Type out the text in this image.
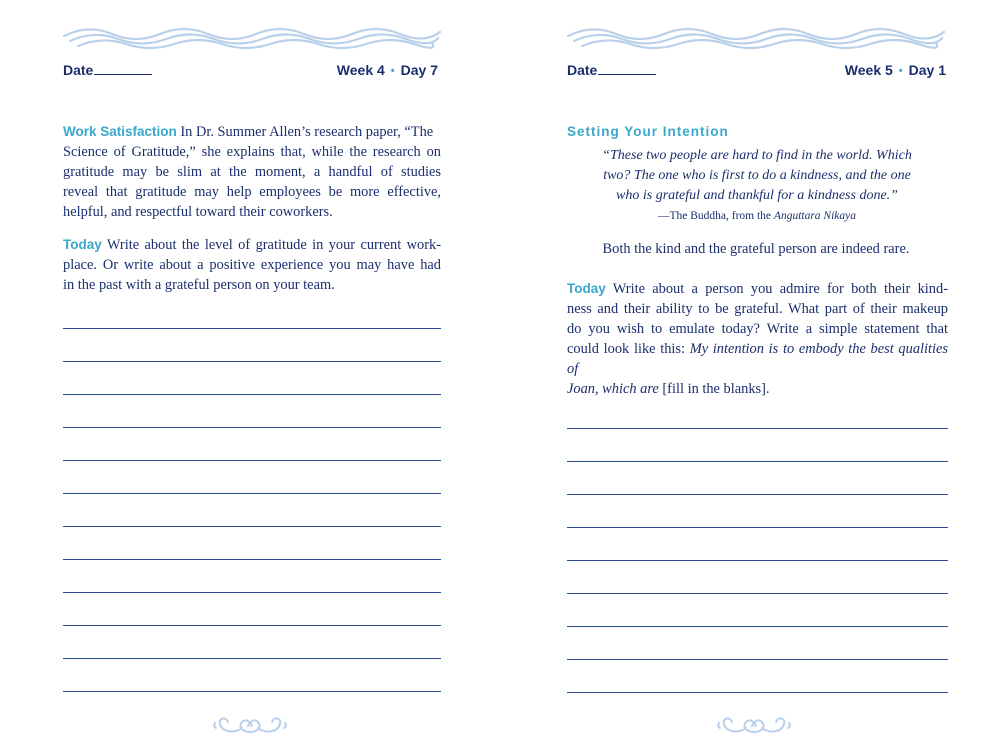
Date	Week 4 • Day 7
Work Satisfaction In Dr. Summer Allen’s research paper, “The
Science of Gratitude,” she explains that, while the research on
gratitude may be slim at the moment, a handful of studies
reveal that gratitude may help employees be more effective,
helpful, and respectful toward their coworkers.
Today Write about the level of gratitude in your current work-
place. Or write about a positive experience you may have had
in the past with a grateful person on your team.
Date	Week 5 • Day 1
Setting Your Intention
“These two people are hard to find in the world. Which
two? The one who is first to do a kindness, and the one
who is grateful and thankful for a kindness done.”
—The Buddha, from the Anguttara Nikaya
Both the kind and the grateful person are indeed rare.
Today Write about a person you admire for both their kind-
ness and their ability to be grateful. What part of their makeup
do you wish to emulate today? Write a simple statement that
could look like this: My intention is to embody the best qualities of
Joan, which are [fill in the blanks].
